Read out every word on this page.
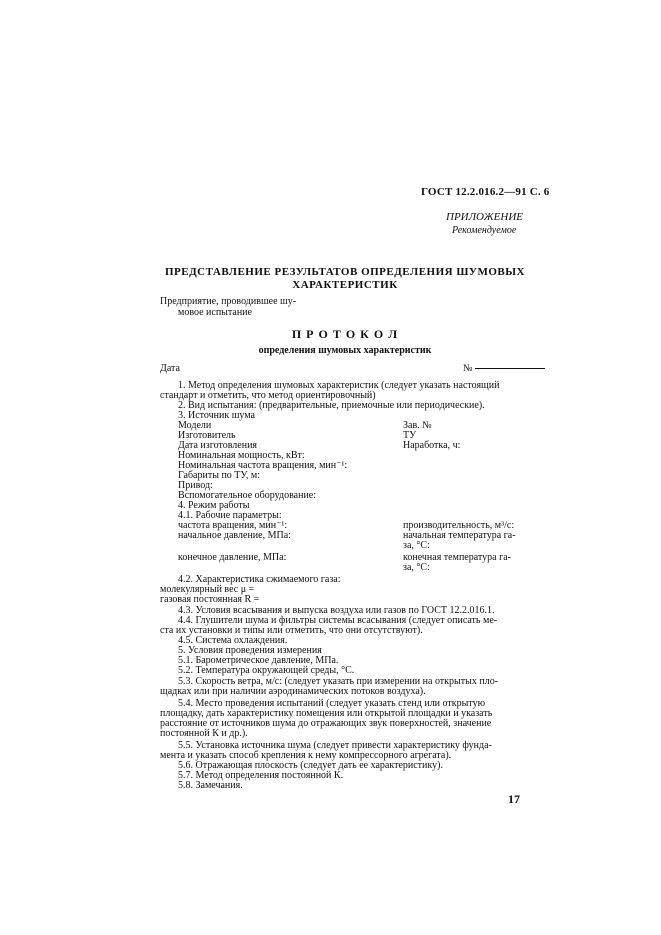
ГОСТ 12.2.016.2—91 С. 6
ПРИЛОЖЕНИЕ
Рекомендуемое
ПРЕДСТАВЛЕНИЕ РЕЗУЛЬТАТОВ ОПРЕДЕЛЕНИЯ ШУМОВЫХ
ХАРАКТЕРИСТИК
Предприятие, проводившее шу-
мовое испытание
П Р О Т О К О Л
определения шумовых характеристик
Дата	№
1. Метод определения шумовых характеристик (следует указать настоящий
стандарт и отметить, что метод ориентировочный)
2. Вид испытания: (предварительные, приемочные или периодические).
3. Источник шума
Модели	Зав. №
Изготовитель	ТУ
Дата изготовления	Наработка, ч:
Номинальная мощность, кВт:
Номинальная частота вращения, мин⁻¹:
Габариты по ТУ, м:
Привод:
Вспомогательное оборудование:
4. Режим работы
4.1. Рабочие параметры:
частота вращения, мин⁻¹:	производительность, м³/с:
начальное давление, МПа:	начальная температура га-
за, °С:
конечное давление, МПа:	конечная температура га-
за, °С:
4.2. Характеристика сжимаемого газа:
молекулярный вес μ =
газовая постоянная R =
4.3. Условия всасывания и выпуска воздуха или газов по ГОСТ 12.2.016.1.
4.4. Глушители шума и фильтры системы всасывания (следует описать ме-
ста их установки и типы или отметить, что они отсутствуют).
4.5. Система охлаждения.
5. Условия проведения измерения
5.1. Барометрическое давление, МПа.
5.2. Температура окружающей среды, °С.
5.3. Скорость ветра, м/с: (следует указать при измерении на открытых пло-
щадках или при наличии аэродинамических потоков воздуха).
5.4. Место проведения испытаний (следует указать стенд или открытую
площадку, дать характеристику помещения или открытой площадки и указать
расстояние от источников шума до отражающих звук поверхностей, значение
постоянной К и др.).
5.5. Установка источника шума (следует привести характеристику фунда-
мента и указать способ крепления к нему компрессорного агрегата).
5.6. Отражающая плоскость (следует дать ее характеристику).
5.7. Метод определения постоянной К.
5.8. Замечания.
17
